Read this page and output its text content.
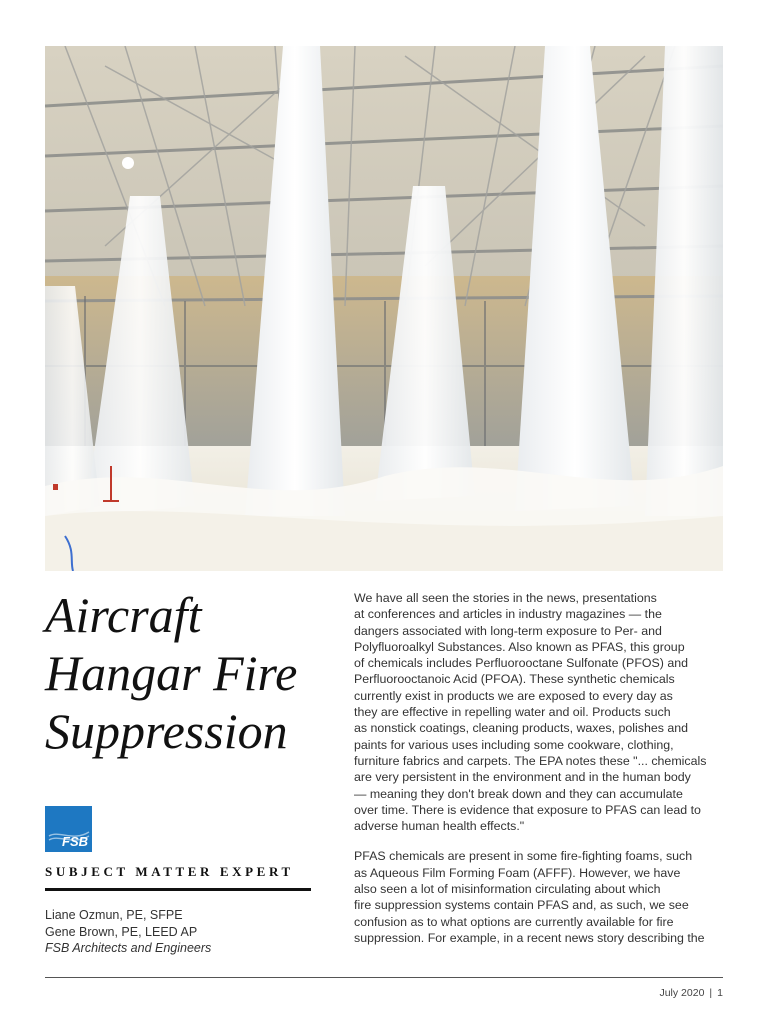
Aircraft
Hangar Fire
Suppression
FSB
SUBJECT MATTER EXPERT
Liane Ozmun, PE, SFPE
Gene Brown, PE, LEED AP
FSB Architects and Engineers

We have all seen the stories in the news, presentations
at conferences and articles in industry magazines — the
dangers associated with long-term exposure to Per- and
Polyfluoroalkyl Substances. Also known as PFAS, this group
of chemicals includes Perfluorooctane Sulfonate (PFOS) and
Perfluorooctanoic Acid (PFOA). These synthetic chemicals
currently exist in products we are exposed to every day as
they are effective in repelling water and oil. Products such
as nonstick coatings, cleaning products, waxes, polishes and
paints for various uses including some cookware, clothing,
furniture fabrics and carpets. The EPA notes these "... chemicals
are very persistent in the environment and in the human body
— meaning they don't break down and they can accumulate
over time. There is evidence that exposure to PFAS can lead to
adverse human health effects."

PFAS chemicals are present in some fire-fighting foams, such
as Aqueous Film Forming Foam (AFFF). However, we have
also seen a lot of misinformation circulating about which
fire suppression systems contain PFAS and, as such, we see
confusion as to what options are currently available for fire
suppression. For example, in a recent news story describing the

July 2020 | 1
